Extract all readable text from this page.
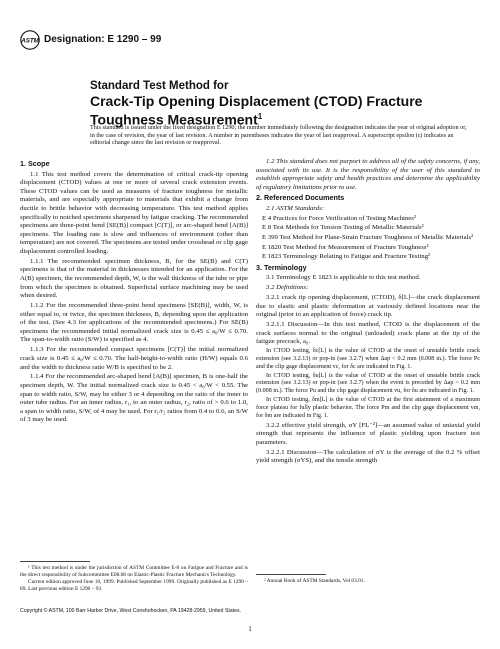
ASTM Designation: E 1290 – 99
Standard Test Method for
Crack-Tip Opening Displacement (CTOD) Fracture
Toughness Measurement$^1$
This standard is issued under the fixed designation E 1290; the number immediately following the designation indicates the year of original adoption or, in the case of revision, the year of last revision. A number in parentheses indicates the year of last reapproval. A superscript epsilon (ε) indicates an editorial change since the last revision or reapproval.
1. Scope

1.1 This test method covers the determination of critical crack-tip opening displacement (CTOD) values at one or more of several crack extension events. These CTOD values can be used as measures of fracture toughness for metallic materials, and are especially appropriate to materials that exhibit a change from ductile to brittle behavior with decreasing temperature. This test method applies specifically to notched specimens sharpened by fatigue cracking. The recommended specimens are three-point bend [SE(B)] compact [C(T)], or arc-shaped bend [A(B)] specimens. The loading rate is slow and influences of environment (other than temperature) are not covered. The specimens are tested under crosshead or clip gage displacement controlled loading.

1.1.1 The recommended specimen thickness, B, for the SE(B) and C(T) specimens is that of the material in thicknesses intended for an application. For the A(B) specimen, the recommended depth, W, is the wall thickness of the tube or pipe from which the specimen is obtained. Superficial surface machining may be used when desired.

1.1.2 For the recommended three-point bend specimens [SE(B)], width, W, is either equal to, or twice, the specimen thickness, B, depending upon the application of the test. (See 4.3 for applications of the recommended specimens.) For SE(B) specimens the recommended initial normalized crack size is 0.45 ≤ a₀/W ≤ 0.70. The span-to-width ratio (S/W) is specified as 4.

1.1.3 For the recommended compact specimens [C(T)] the initial normalized crack size is 0.45 ≤ a₀/W ≤ 0.70. The half-height-to-width ratio (H/W) equals 0.6 and the width to thickness ratio W/B is specified to be 2.

1.1.4 For the recommended arc-shaped bend [A(B)] specimen, B is one-half the specimen depth, W. The initial normalized crack size is 0.45 < a₀/W < 0.55. The span to width ratio, S/W, may be either 3 or 4 depending on the ratio of the inner to outer tube radius. For an inner radius, r₁, to an outer radius, r₂, ratio of > 0.6 to 1.0, a span to width ratio, S/W, of 4 may be used. For r₁/r₂ ratios from 0.4 to 0.6, an S/W of 3 may be used.

¹ This test method is under the jurisdiction of ASTM Committee E-8 on Fatigue and Fracture and is the direct responsibility of Subcommittee E08.08 on Elastic-Plastic Fracture Mechanics Technology.

Current edition approved June 10, 1999. Published September 1999. Originally published as E 1290 – 89. Last previous edition E 1290 – 93.

1.2 This standard does not purport to address all of the safety concerns, if any, associated with its use. It is the responsibility of the user of this standard to establish appropriate safety and health practices and determine the applicability of regulatory limitations prior to use.

2. Referenced Documents

2.1 ASTM Standards:

E 4 Practices for Force Verification of Testing Machines²
E 8 Test Methods for Tension Testing of Metallic Materials²
E 399 Test Method for Plane-Strain Fracture Toughness of Metallic Materials²
E 1820 Test Method for Measurement of Fracture Toughness²
E 1823 Terminology Relating to Fatigue and Fracture Testing²
3. Terminology

3.1 Terminology E 1823 is applicable to this test method.

3.2 Definitions:

3.2.1 crack tip opening displacement, (CTOD), δ[L]—the crack displacement due to elastic and plastic deformation at variously defined locations near the original (prior to an application of force) crack tip.

3.2.1.1 Discussion—In this test method, CTOD is the displacement of the crack surfaces normal to the original (unloaded) crack plane at the tip of the fatigue precrack, a₀.

In CTOD testing, δc[L] is the value of CTOD at the onset of unstable brittle crack extension (see 3.2.13) or pop-in (see 3.2.7) when Δap < 0.2 mm (0.008 in.). The force Pc and the clip gage displacement vc, for δc are indicated in Fig. 1.

In CTOD testing, δu[L] is the value of CTOD at the onset of unstable brittle crack extension (see 3.2.13) or pop-in (see 3.2.7) when the event is preceded by Δap > 0.2 mm (0.008 in.). The force Pu and the clip gage displacement vu, for δu are indicated in Fig. 1.

In CTOD testing, δm[L] is the value of CTOD at the first attainment of a maximum force plateau for fully plastic behavior. The force Pm and the clip gage displacement vm, for δm are indicated in Fig. 1.

3.2.2 effective yield strength, σY [FL⁻²]—an assumed value of uniaxial yield strength that represents the influence of plastic yielding upon fracture test parameters.

3.2.2.1 Discussion—The calculation of σY is the average of the 0.2 % offset yield strength (σYS), and the tensile strength

² Annual Book of ASTM Standards, Vol 03.01.

Copyright © ASTM, 100 Barr Harbor Drive, West Conshohocken, PA 19428-2959, United States.
1
